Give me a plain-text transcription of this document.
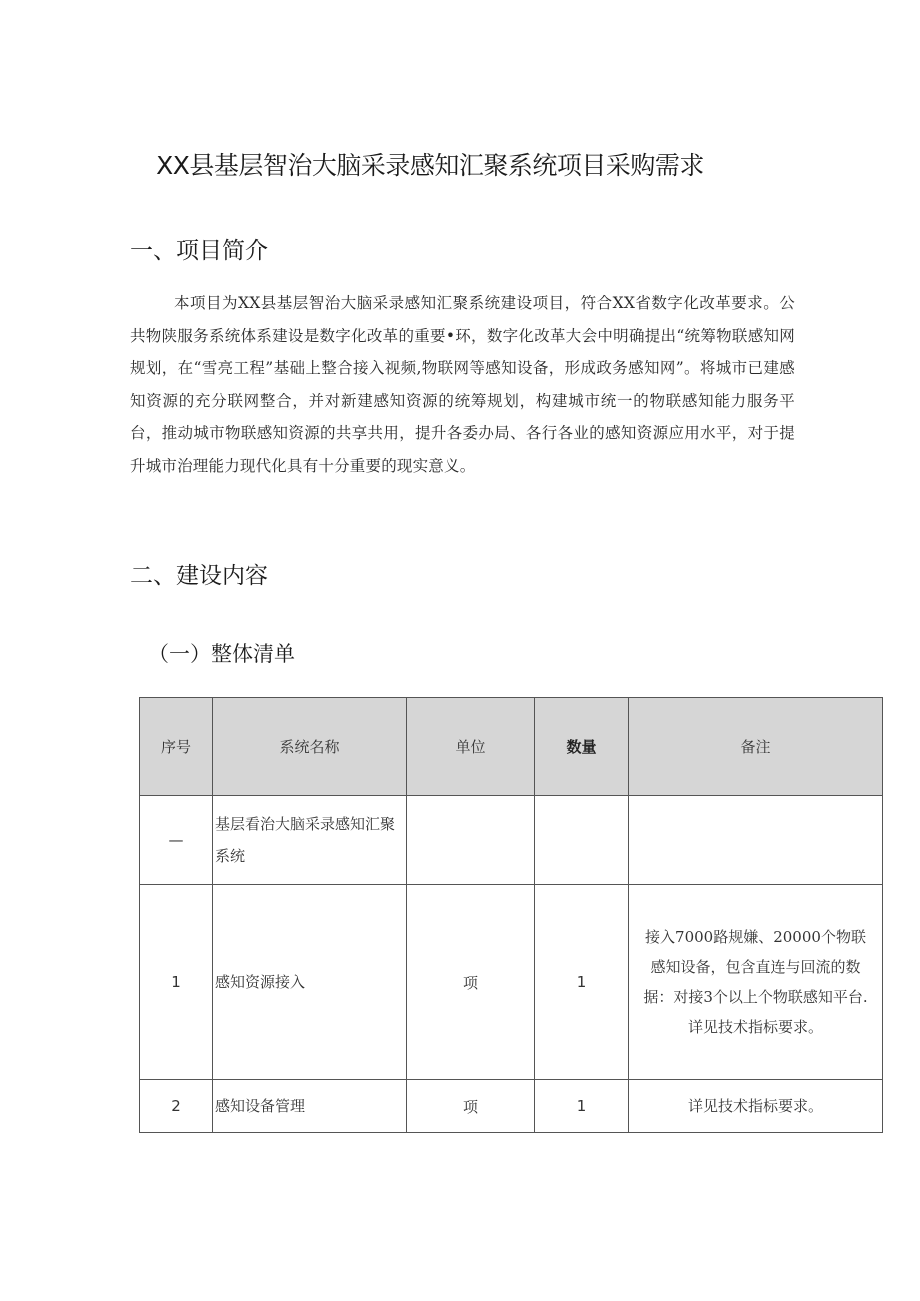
XX县基层智治大脑采录感知汇聚系统项目采购需求
一、项目简介

本项目为XX县基层智治大脑采录感知汇聚系统建设项目，符合XX省数字化改革要求。公共物陕服务系统体系建设是数字化改革的重要•环，数字化改革大会中明确提出“统筹物联感知网规划，在“雪亮工程”基础上整合接入视频,物联网等感知设备，形成政务感知网”。将城市已建感知资源的充分联网整合，并对新建感知资源的统筹规划，构建城市统一的物联感知能力服务平台，推动城市物联感知资源的共享共用，提升各委办局、各行各业的感知资源应用水平，对于提升城市治理能力现代化具有十分重要的现实意义。

二、建设内容
（一）整体清单
序号	系统名称	单位	数量	备注
—	基层看治大脑采录感知汇聚系统			
1	感知资源接入	项	1	接入7000路规嫌、20000个物联感知设备，包含直连与回流的数据：对接3个以上个物联感知平台. 详见技术指标要求。
2	感知设备管理	项	1	详见技术指标要求。
